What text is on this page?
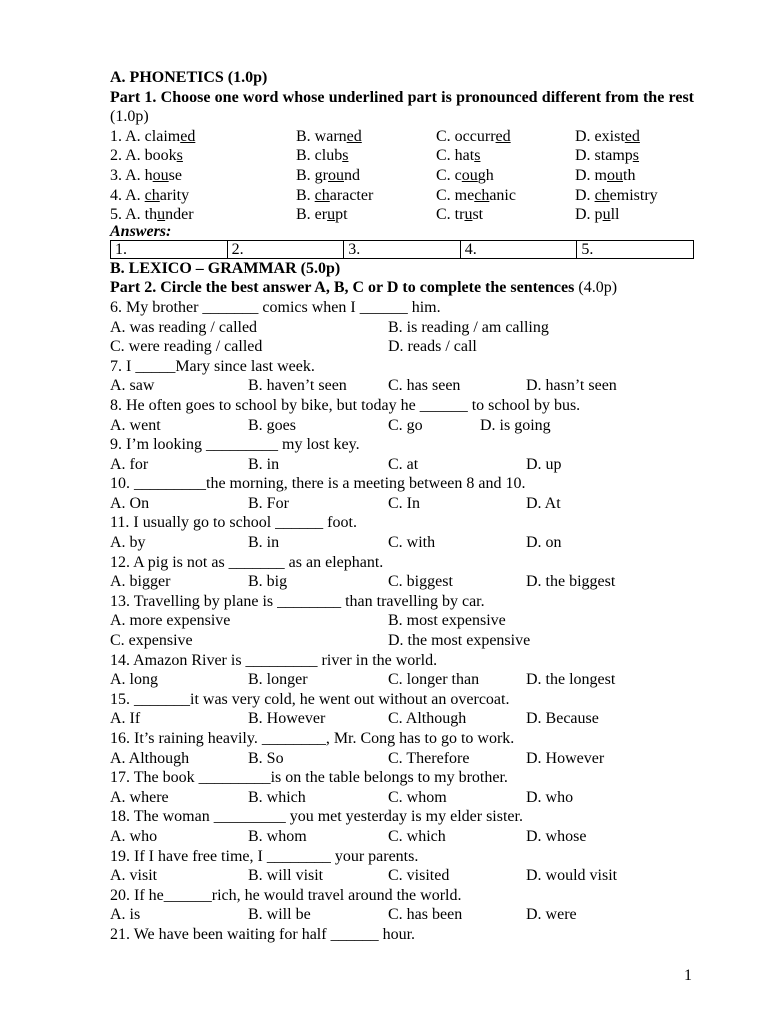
A. PHONETICS (1.0p)
Part 1. Choose one word whose underlined part is pronounced different from the rest (1.0p)
1. A. claimed	B. warned	C. occurred	D. existed
2. A. books	B. clubs	C. hats	D. stamps
3. A. house	B. ground	C. cough	D. mouth
4. A. charity	B. character	C. mechanic	D. chemistry
5. A. thunder	B. erupt	C. trust	D. pull
Answers:
1.	2.	3.	4.	5.
B. LEXICO – GRAMMAR (5.0p)
Part 2. Circle the best answer A, B, C or D to complete the sentences (4.0p)
6. My brother _______ comics when I ______ him.
A. was reading / called	B. is reading / am calling
C. were reading / called	D. reads / call
7. I _____Mary since last week.
A. saw	B. haven’t seen	C. has seen	D. hasn’t seen
8. He often goes to school by bike, but today he ______ to school by bus.
A. went	B. goes	C. go	D. is going
9. I’m looking _________ my lost key.
A. for	B. in	C. at	D. up
10. _________the morning, there is a meeting between 8 and 10.
A. On	B. For	C. In	D. At
11. I usually go to school ______ foot.
A. by	B. in	C. with	D. on
12. A pig is not as _______ as an elephant.
A. bigger	B. big	C. biggest	D. the biggest
13. Travelling by plane is ________ than travelling by car.
A. more expensive	B. most expensive
C. expensive	D. the most expensive
14. Amazon River is _________ river in the world.
A. long	B. longer	C. longer than	D. the longest
15. _______it was very cold, he went out without an overcoat.
A. If	B. However	C. Although	D. Because
16. It’s raining heavily. ________, Mr. Cong has to go to work.
A. Although	B. So	C. Therefore	D. However
17. The book _________is on the table belongs to my brother.
A. where	B. which	C. whom	D. who
18. The woman _________ you met yesterday is my elder sister.
A. who	B. whom	C. which	D. whose
19. If I have free time, I ________ your parents.
A. visit	B. will visit	C. visited	D. would visit
20. If he______rich, he would travel around the world.
A. is	B. will be	C. has been	D. were
21. We have been waiting for half ______ hour.
1
